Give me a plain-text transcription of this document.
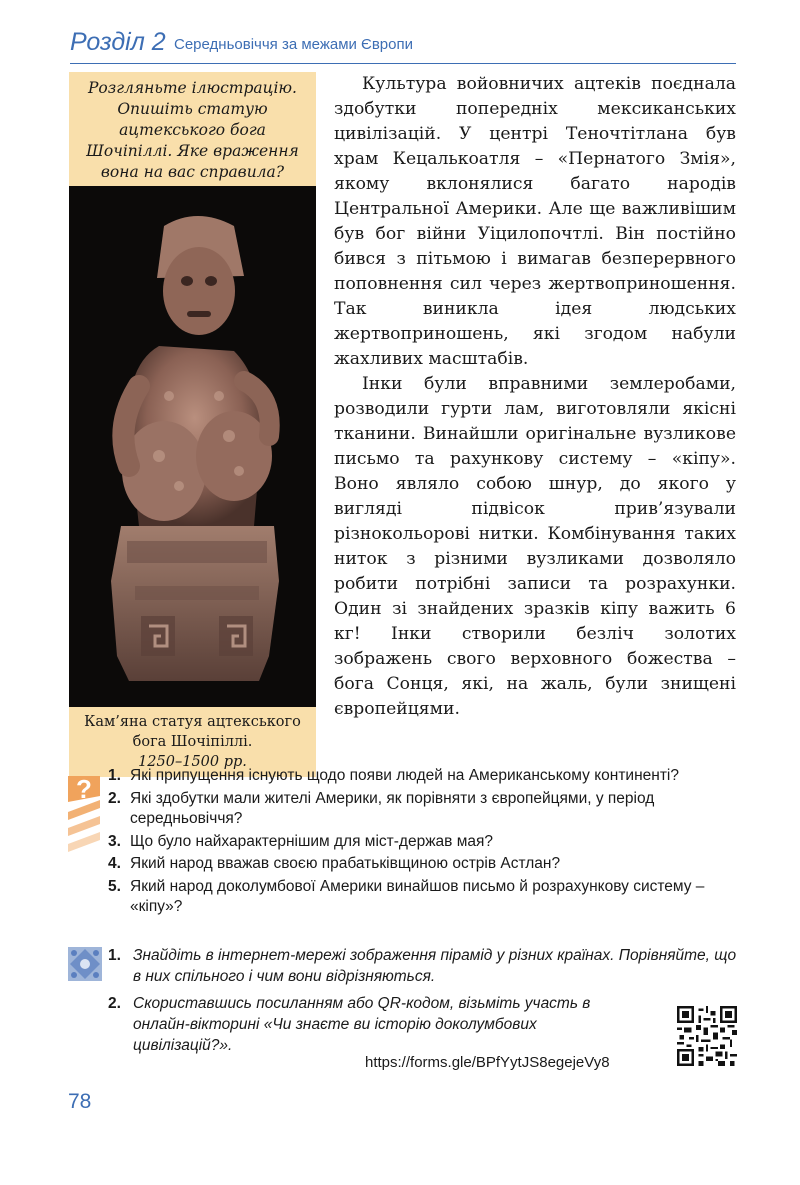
Розділ 2 Середньовіччя за межами Європи
Розгляньте ілюстрацію. Опишіть статую ацтекського бога Шочіпіллі. Яке враження вона на вас справила?
Кам’яна статуя ацтекського бога Шочіпіллі.
1250–1500 рр.

Культура войовничих ацтеків поєднала здобутки попередніх мексиканських цивілізацій. У центрі Теночтітлана був храм Кецалькоатля – «Пернатого Змія», якому вклонялися багато народів Центральної Америки. Але ще важливішим був бог війни Уіцилопочтлі. Він постійно бився з пітьмою і вимагав безперервного поповнення сил через жертвоприношення. Так виникла ідея людських жертвоприношень, які згодом набули жахливих масштабів.

Інки були вправними землеробами, розводили гурти лам, виготовляли якісні тканини. Винайшли оригінальне вузликове письмо та рахункову систему – «кіпу». Воно являло собою шнур, до якого у вигляді підвісок прив’язували різнокольорові нитки. Комбінування таких ниток з різними вузликами дозволяло робити потрібні записи та розрахунки. Один зі знайдених зразків кіпу важить 6 кг! Інки створили безліч золотих зображень свого верховного божества – бога Сонця, які, на жаль, були знищені європейцями.

? 1. Які припущення існують щодо появи людей на Американському континенті?
2. Які здобутки мали жителі Америки, як порівняти з європейцями, у період середньовіччя?
3. Що було найхарактернішим для міст-держав мая?
4. Який народ вважав своєю прабатьківщиною острів Астлан?
5. Який народ доколумбової Америки винайшов письмо й розрахункову систему – «кіпу»?
1. Знайдіть в інтернет-мережі зображення пірамід у різних країнах. Порівняйте, що в них спільного і чим вони відрізняються.
2. Скориставшись посиланням або QR-кодом, візьміть участь в онлайн-вікторині «Чи знаєте ви історію доколумбових цивілізацій?».
https://forms.gle/BPfYytJS8egejeVy8
78
